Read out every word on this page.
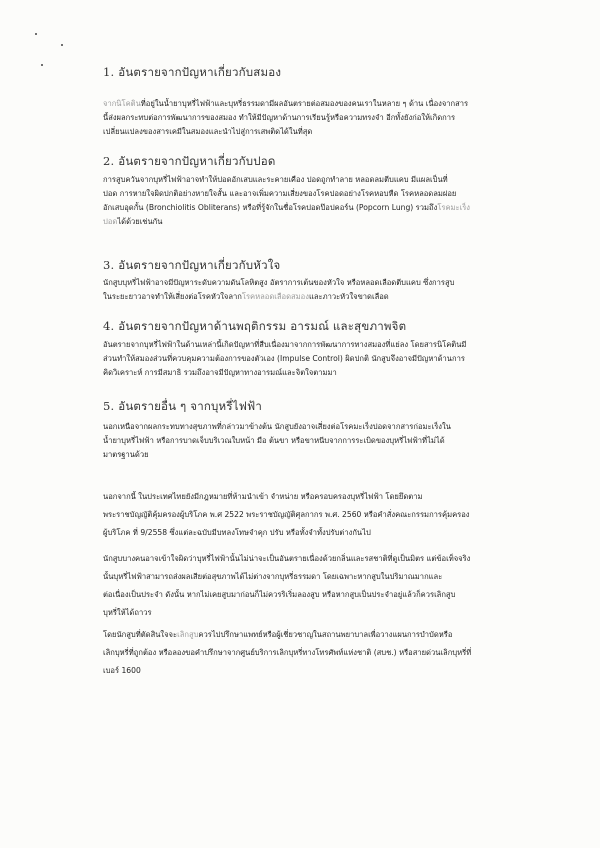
1. อันตรายจากปัญหาเกี่ยวกับสมอง
จากนิโคตินที่อยู่ในน้ำยาบุหรี่ไฟฟ้าและบุหรี่ธรรมดามีผลอันตรายต่อสมองของคนเราในหลาย ๆ ด้าน เนื่องจากสาร
นี้ส่งผลกระทบต่อการพัฒนาการของสมอง ทำให้มีปัญหาด้านการเรียนรู้หรือความทรงจำ อีกทั้งยังก่อให้เกิดการ
เปลี่ยนแปลงของสารเคมีในสมองและนำไปสู่การเสพติดได้ในที่สุด
2. อันตรายจากปัญหาเกี่ยวกับปอด
การสูบควันจากบุหรี่ไฟฟ้าอาจทำให้ปอดอักเสบและระคายเคือง ปอดถูกทำลาย หลอดลมตีบแคบ มีแผลเป็นที่
ปอด การหายใจผิดปกติอย่างหายใจสั้น และอาจเพิ่มความเสี่ยงของโรคปอดอย่างโรคหอบหืด โรคหลอดลมฝอย
อักเสบอุดกั้น (Bronchiolitis Obliterans) หรือที่รู้จักในชื่อโรคปอดป๊อปคอร์น (Popcorn Lung) รวมถึงโรคมะเร็ง
ปอดได้ด้วยเช่นกัน
3. อันตรายจากปัญหาเกี่ยวกับหัวใจ
นักสูบบุหรี่ไฟฟ้าอาจมีปัญหาระดับความดันโลหิตสูง อัตราการเต้นของหัวใจ หรือหลอดเลือดตีบแคบ ซึ่งการสูบ
ในระยะยาวอาจทำให้เสี่ยงต่อโรคหัวใจลากโรคหลอดเลือดสมองและภาวะหัวใจขาดเลือด
4. อันตรายจากปัญหาด้านพฤติกรรม อารมณ์ และสุขภาพจิต
อันตรายจากบุหรี่ไฟฟ้าในด้านเหล่านี้เกิดปัญหาที่สืบเนื่องมาจากการพัฒนาการทางสมองที่แย่ลง โดยสารนิโคตินมี
ส่วนทำให้สมองส่วนที่ควบคุมความต้องการของตัวเอง (Impulse Control) ผิดปกติ นักสูบจึงอาจมีปัญหาด้านการ
คิดวิเคราะห์ การมีสมาธิ รวมถึงอาจมีปัญหาทางอารมณ์และจิตใจตามมา
5. อันตรายอื่น ๆ จากบุหรี่ไฟฟ้า
นอกเหนือจากผลกระทบทางสุขภาพที่กล่าวมาข้างต้น นักสูบยังอาจเสี่ยงต่อโรคมะเร็งปอดจากสารก่อมะเร็งใน
น้ำยาบุหรี่ไฟฟ้า หรือการบาดเจ็บบริเวณใบหน้า มือ ต้นขา หรือขาหนีบจากการระเบิดของบุหรี่ไฟฟ้าที่ไม่ได้
มาตรฐานด้วย
นอกจากนี้ ในประเทศไทยยังมีกฎหมายที่ห้ามนำเข้า จำหน่าย หรือครอบครองบุหรี่ไฟฟ้า โดยยึดตาม
พระราชบัญญัติคุ้มครองผู้บริโภค พ.ศ 2522 พระราชบัญญัติศุลกากร พ.ศ. 2560 หรือคำสั่งคณะกรรมการคุ้มครอง
ผู้บริโภค ที่ 9/2558 ซึ่งแต่ละฉบับมีบทลงโทษจำคุก ปรับ หรือทั้งจำทั้งปรับต่างกันไป
นักสูบบางคนอาจเข้าใจผิดว่าบุหรี่ไฟฟ้านั้นไม่น่าจะเป็นอันตรายเนื่องด้วยกลิ่นและรสชาติที่ดูเป็นมิตร แต่ข้อเท็จจริง
นั้นบุหรี่ไฟฟ้าสามารถส่งผลเสียต่อสุขภาพได้ไม่ต่างจากบุหรี่ธรรมดา โดยเฉพาะหากสูบในปริมาณมากและ
ต่อเนื่องเป็นประจำ ดังนั้น หากไม่เคยสูบมาก่อนก็ไม่ควรริเริ่มลองสูบ หรือหากสูบเป็นประจำอยู่แล้วก็ควรเลิกสูบ
บุหรี่ให้ได้ถาวร
โดยนักสูบที่ตัดสินใจจะเลิกสูบควรไปปรึกษาแพทย์หรือผู้เชี่ยวชาญในสถานพยาบาลเพื่อวางแผนการบำบัดหรือ
เลิกบุหรี่ที่ถูกต้อง หรือลองขอคำปรึกษาจากศูนย์บริการเลิกบุหรี่ทางโทรศัพท์แห่งชาติ (สบช.) หรือสายด่วนเลิกบุหรี่ที่
เบอร์ 1600
